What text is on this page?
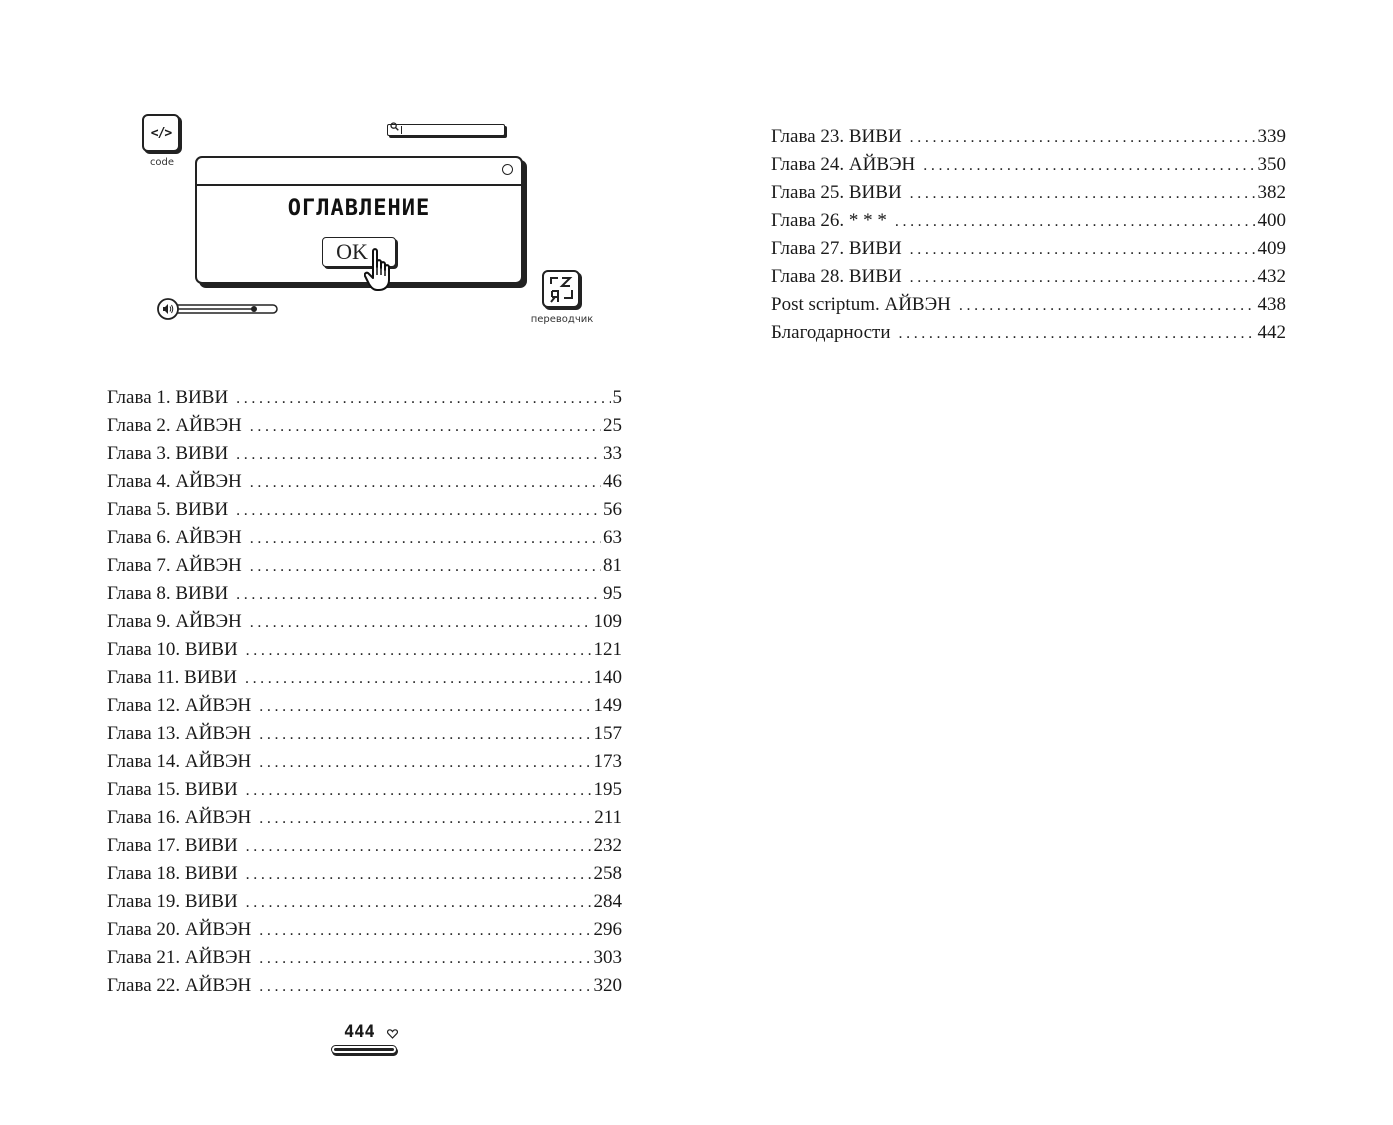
</>
code
ОГЛАВЛЕНИЕ
OK
переводчик
Глава 1. ВИВИ .....	5
Глава 2. АЙВЭН .....	25
Глава 3. ВИВИ .....	33
Глава 4. АЙВЭН .....	46
Глава 5. ВИВИ .....	56
Глава 6. АЙВЭН .....	63
Глава 7. АЙВЭН .....	81
Глава 8. ВИВИ .....	95
Глава 9. АЙВЭН .....	109
Глава 10. ВИВИ .....	121
Глава 11. ВИВИ .....	140
Глава 12. АЙВЭН .....	149
Глава 13. АЙВЭН .....	157
Глава 14. АЙВЭН .....	173
Глава 15. ВИВИ .....	195
Глава 16. АЙВЭН .....	211
Глава 17. ВИВИ .....	232
Глава 18. ВИВИ .....	258
Глава 19. ВИВИ .....	284
Глава 20. АЙВЭН .....	296
Глава 21. АЙВЭН .....	303
Глава 22. АЙВЭН .....	320
Глава 23. ВИВИ .....	339
Глава 24. АЙВЭН .....	350
Глава 25. ВИВИ .....	382
Глава 26. * * * .....	400
Глава 27. ВИВИ .....	409
Глава 28. ВИВИ .....	432
Post scriptum. АЙВЭН .....	438
Благодарности .....	442
444
